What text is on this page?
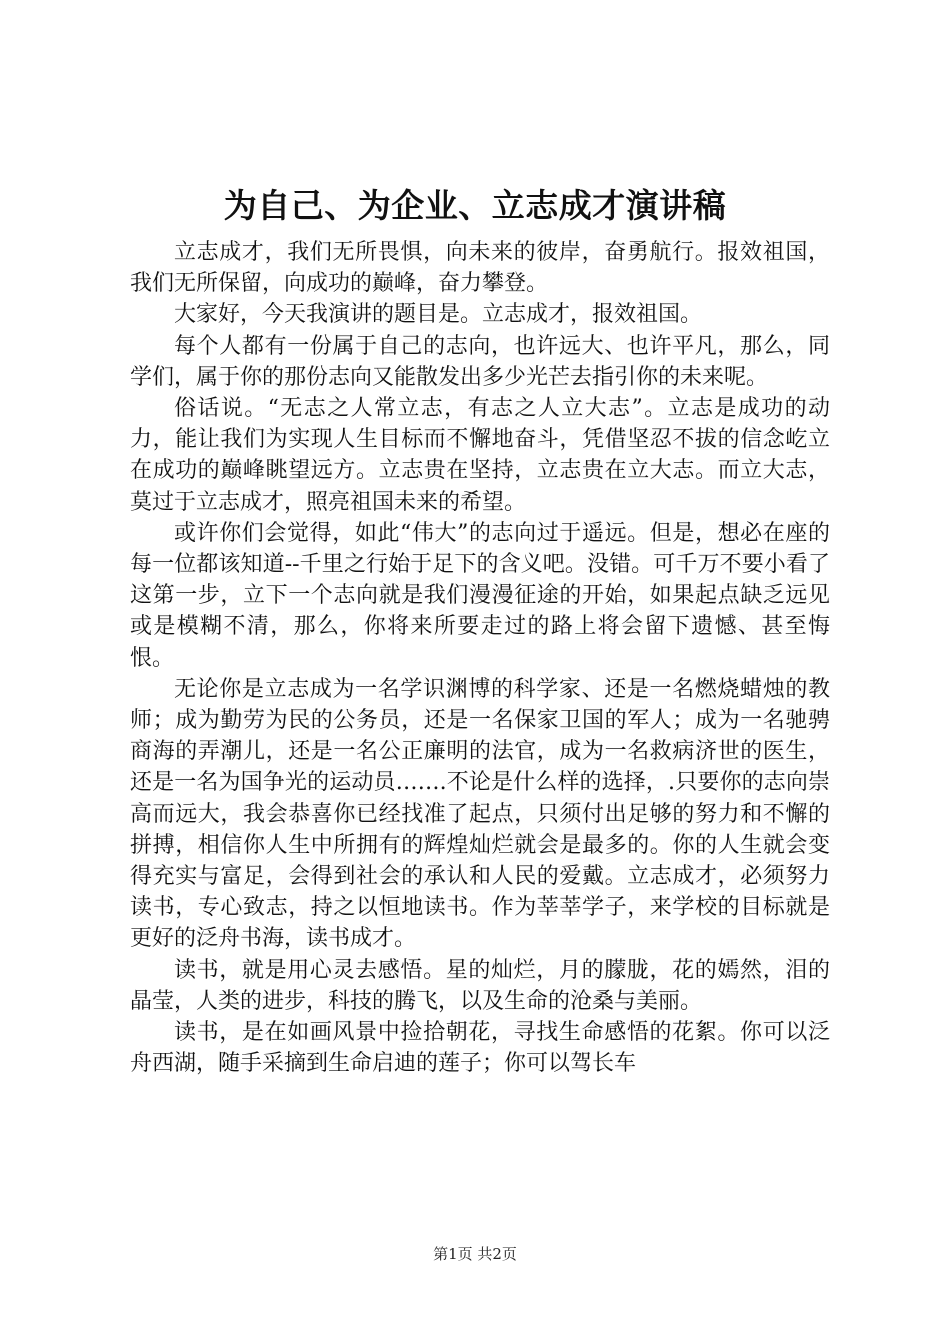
为自己、为企业、立志成才演讲稿

立志成才，我们无所畏惧，向未来的彼岸，奋勇航行。报效祖国，我们无所保留，向成功的巅峰，奋力攀登。

大家好，今天我演讲的题目是。立志成才，报效祖国。

每个人都有一份属于自己的志向，也许远大、也许平凡，那么，同学们，属于你的那份志向又能散发出多少光芒去指引你的未来呢。

俗话说。“无志之人常立志，有志之人立大志”。立志是成功的动力，能让我们为实现人生目标而不懈地奋斗，凭借坚忍不拔的信念屹立在成功的巅峰眺望远方。立志贵在坚持，立志贵在立大志。而立大志，莫过于立志成才，照亮祖国未来的希望。

或许你们会觉得，如此“伟大”的志向过于遥远。但是，想必在座的每一位都该知道--千里之行始于足下的含义吧。没错。可千万不要小看了这第一步，立下一个志向就是我们漫漫征途的开始，如果起点缺乏远见或是模糊不清，那么，你将来所要走过的路上将会留下遗憾、甚至悔恨。

无论你是立志成为一名学识渊博的科学家、还是一名燃烧蜡烛的教师；成为勤劳为民的公务员，还是一名保家卫国的军人；成为一名驰骋商海的弄潮儿，还是一名公正廉明的法官，成为一名救病济世的医生，还是一名为国争光的运动员…….不论是什么样的选择，.只要你的志向崇高而远大，我会恭喜你已经找准了起点，只须付出足够的努力和不懈的拼搏，相信你人生中所拥有的辉煌灿烂就会是最多的。你的人生就会变得充实与富足，会得到社会的承认和人民的爱戴。立志成才，必须努力读书，专心致志，持之以恒地读书。作为莘莘学子，来学校的目标就是更好的泛舟书海，读书成才。

读书，就是用心灵去感悟。星的灿烂，月的朦胧，花的嫣然，泪的晶莹，人类的进步，科技的腾飞，以及生命的沧桑与美丽。

读书，是在如画风景中捡拾朝花，寻找生命感悟的花絮。你可以泛舟西湖，随手采摘到生命启迪的莲子；你可以驾长车

第1页 共2页
